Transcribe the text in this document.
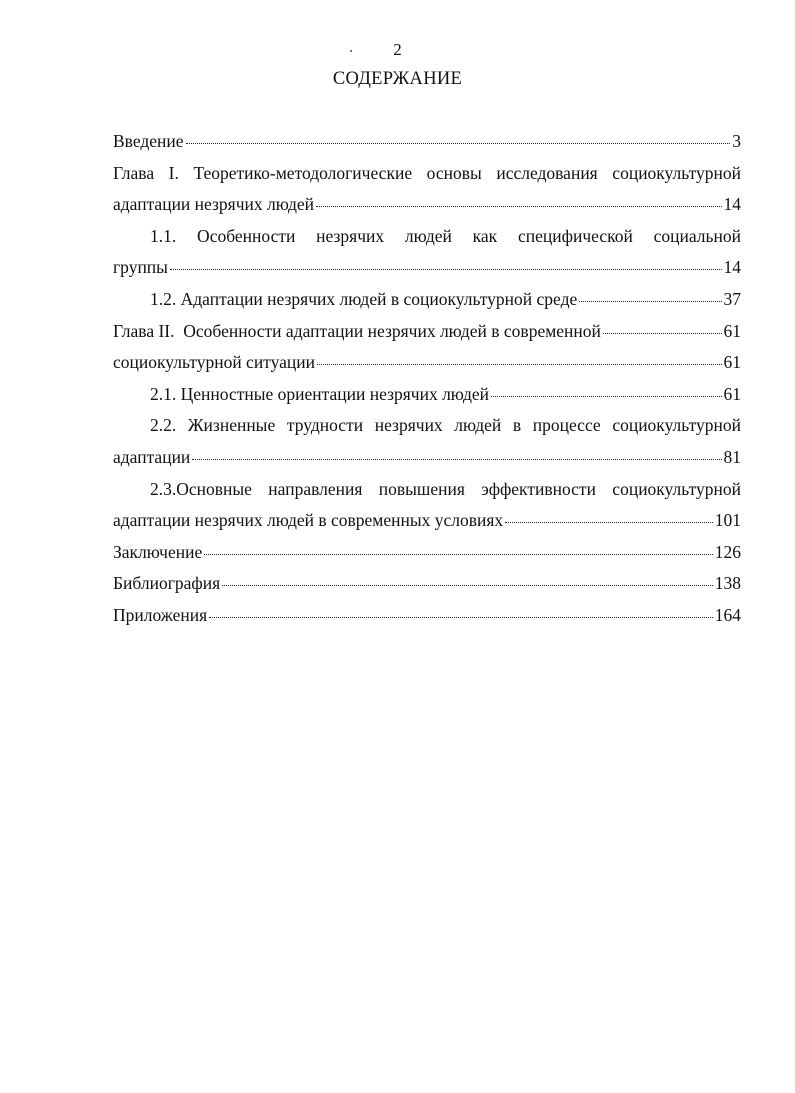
2
СОДЕРЖАНИЕ
Введение	3
Глава I. Теоретико-методологические основы исследования социокультурной
адаптации незрячих людей	14
1.1. Особенности незрячих людей как специфической социальной
группы	14
1.2. Адаптации незрячих людей в социокультурной среде	37
Глава II.  Особенности адаптации незрячих людей в современной	61
социокультурной ситуации	61
2.1. Ценностные ориентации незрячих людей	61
2.2. Жизненные трудности незрячих людей в процессе социокультурной
адаптации	81
2.3.Основные направления повышения эффективности социокультурной
адаптации незрячих людей в современных условиях	101
Заключение	126
Библиография	138
Приложения	164
